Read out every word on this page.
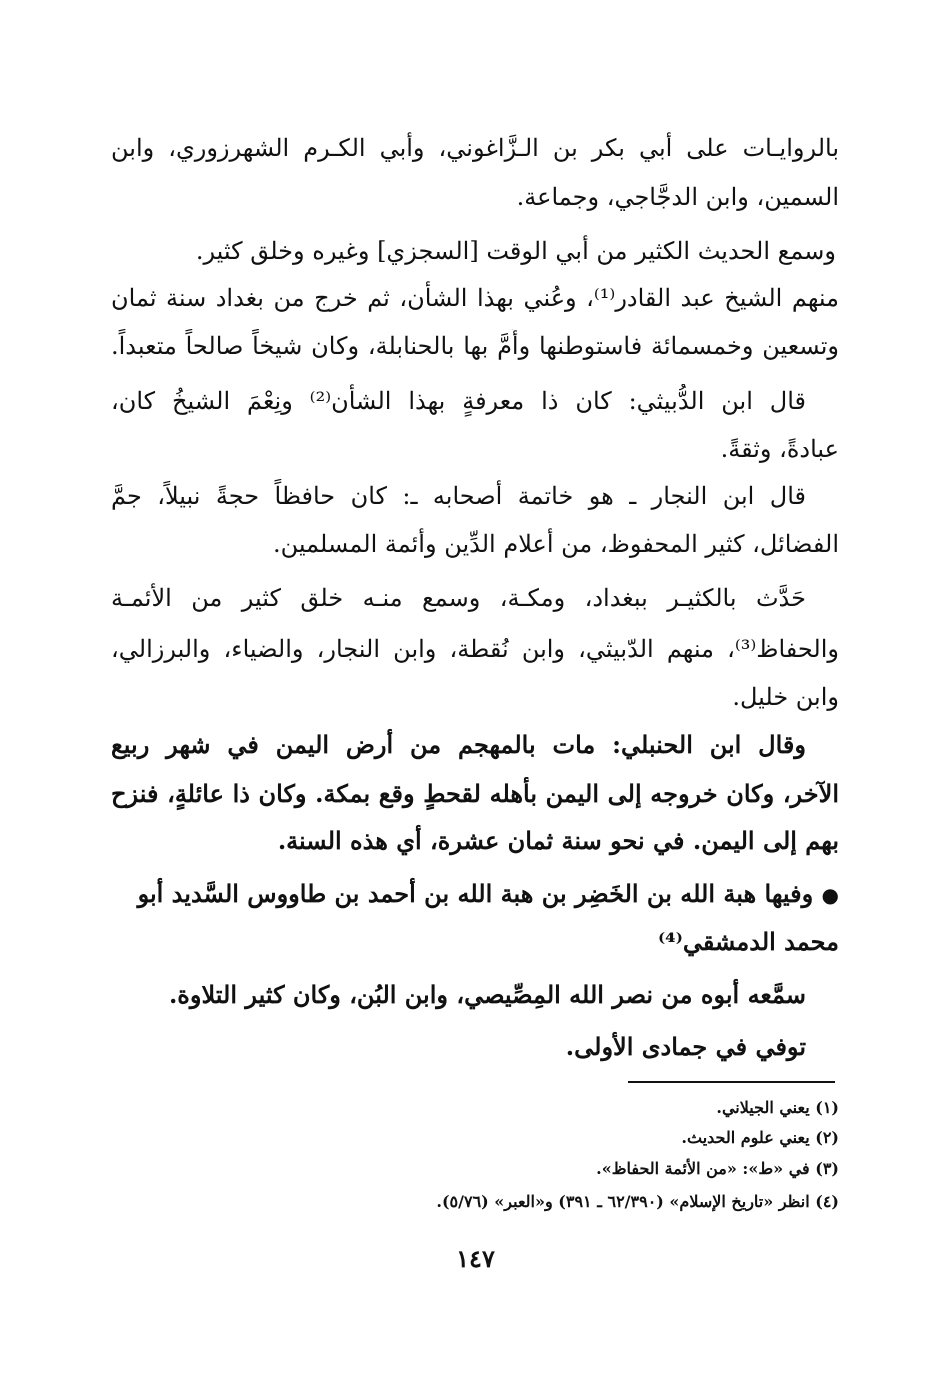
بالروايـات على أبي بكر بن الـزَّاغوني، وأبي الكـرم الشهرزوري، وابن
السمين، وابن الدجَّاجي، وجماعة.
وسمع الحديث الكثير من أبي الوقت [السجزي] وغيره وخلق كثير.
منهم الشيخ عبد القادر⁽¹⁾، وعُني بهذا الشأن، ثم خرج من بغداد سنة ثمان
وتسعين وخمسمائة فاستوطنها وأَمَّ بها بالحنابلة، وكان شيخاً صالحاً متعبداً.
قال ابن الدُّبيثي: كان ذا معرفةٍ بهذا الشأن⁽²⁾ ونِعْمَ الشيخُ كان،
عبادةً، وثقةً.
قال ابن النجار ـ هو خاتمة أصحابه ـ: كان حافظاً حجةً نبيلاً، جمَّ
الفضائل، كثير المحفوظ، من أعلام الدِّين وأئمة المسلمين.
حَدَّث بالكثيـر ببغداد، ومكـة، وسمع منـه خلق كثير من الأئمـة
والحفاظ⁽³⁾، منهم الدّبيثي، وابن نُقطة، وابن النجار، والضياء، والبرزالي،
وابن خليل.
وقال ابن الحنبلي: مات بالمهجم من أرض اليمن في شهر ربيع
الآخر، وكان خروجه إلى اليمن بأهله لقحطٍ وقع بمكة. وكان ذا عائلةٍ، فنزح
بهم إلى اليمن. في نحو سنة ثمان عشرة، أي هذه السنة.
● وفيها هبة الله بن الخَضِر بن هبة الله بن أحمد بن طاووس السَّديد أبو
محمد الدمشقي⁽⁴⁾
سمَّعه أبوه من نصر الله المِصِّيصي، وابن البُن، وكان كثير التلاوة.
توفي في جمادى الأولى.
(١) يعني الجيلاني.
(٢) يعني علوم الحديث.
(٣) في «ط»: «من الأئمة الحفاظ».
(٤) انظر «تاريخ الإسلام» (٦٢/٣٩٠ ـ ٣٩١) و«العبر» (٥/٧٦).
١٤٧
